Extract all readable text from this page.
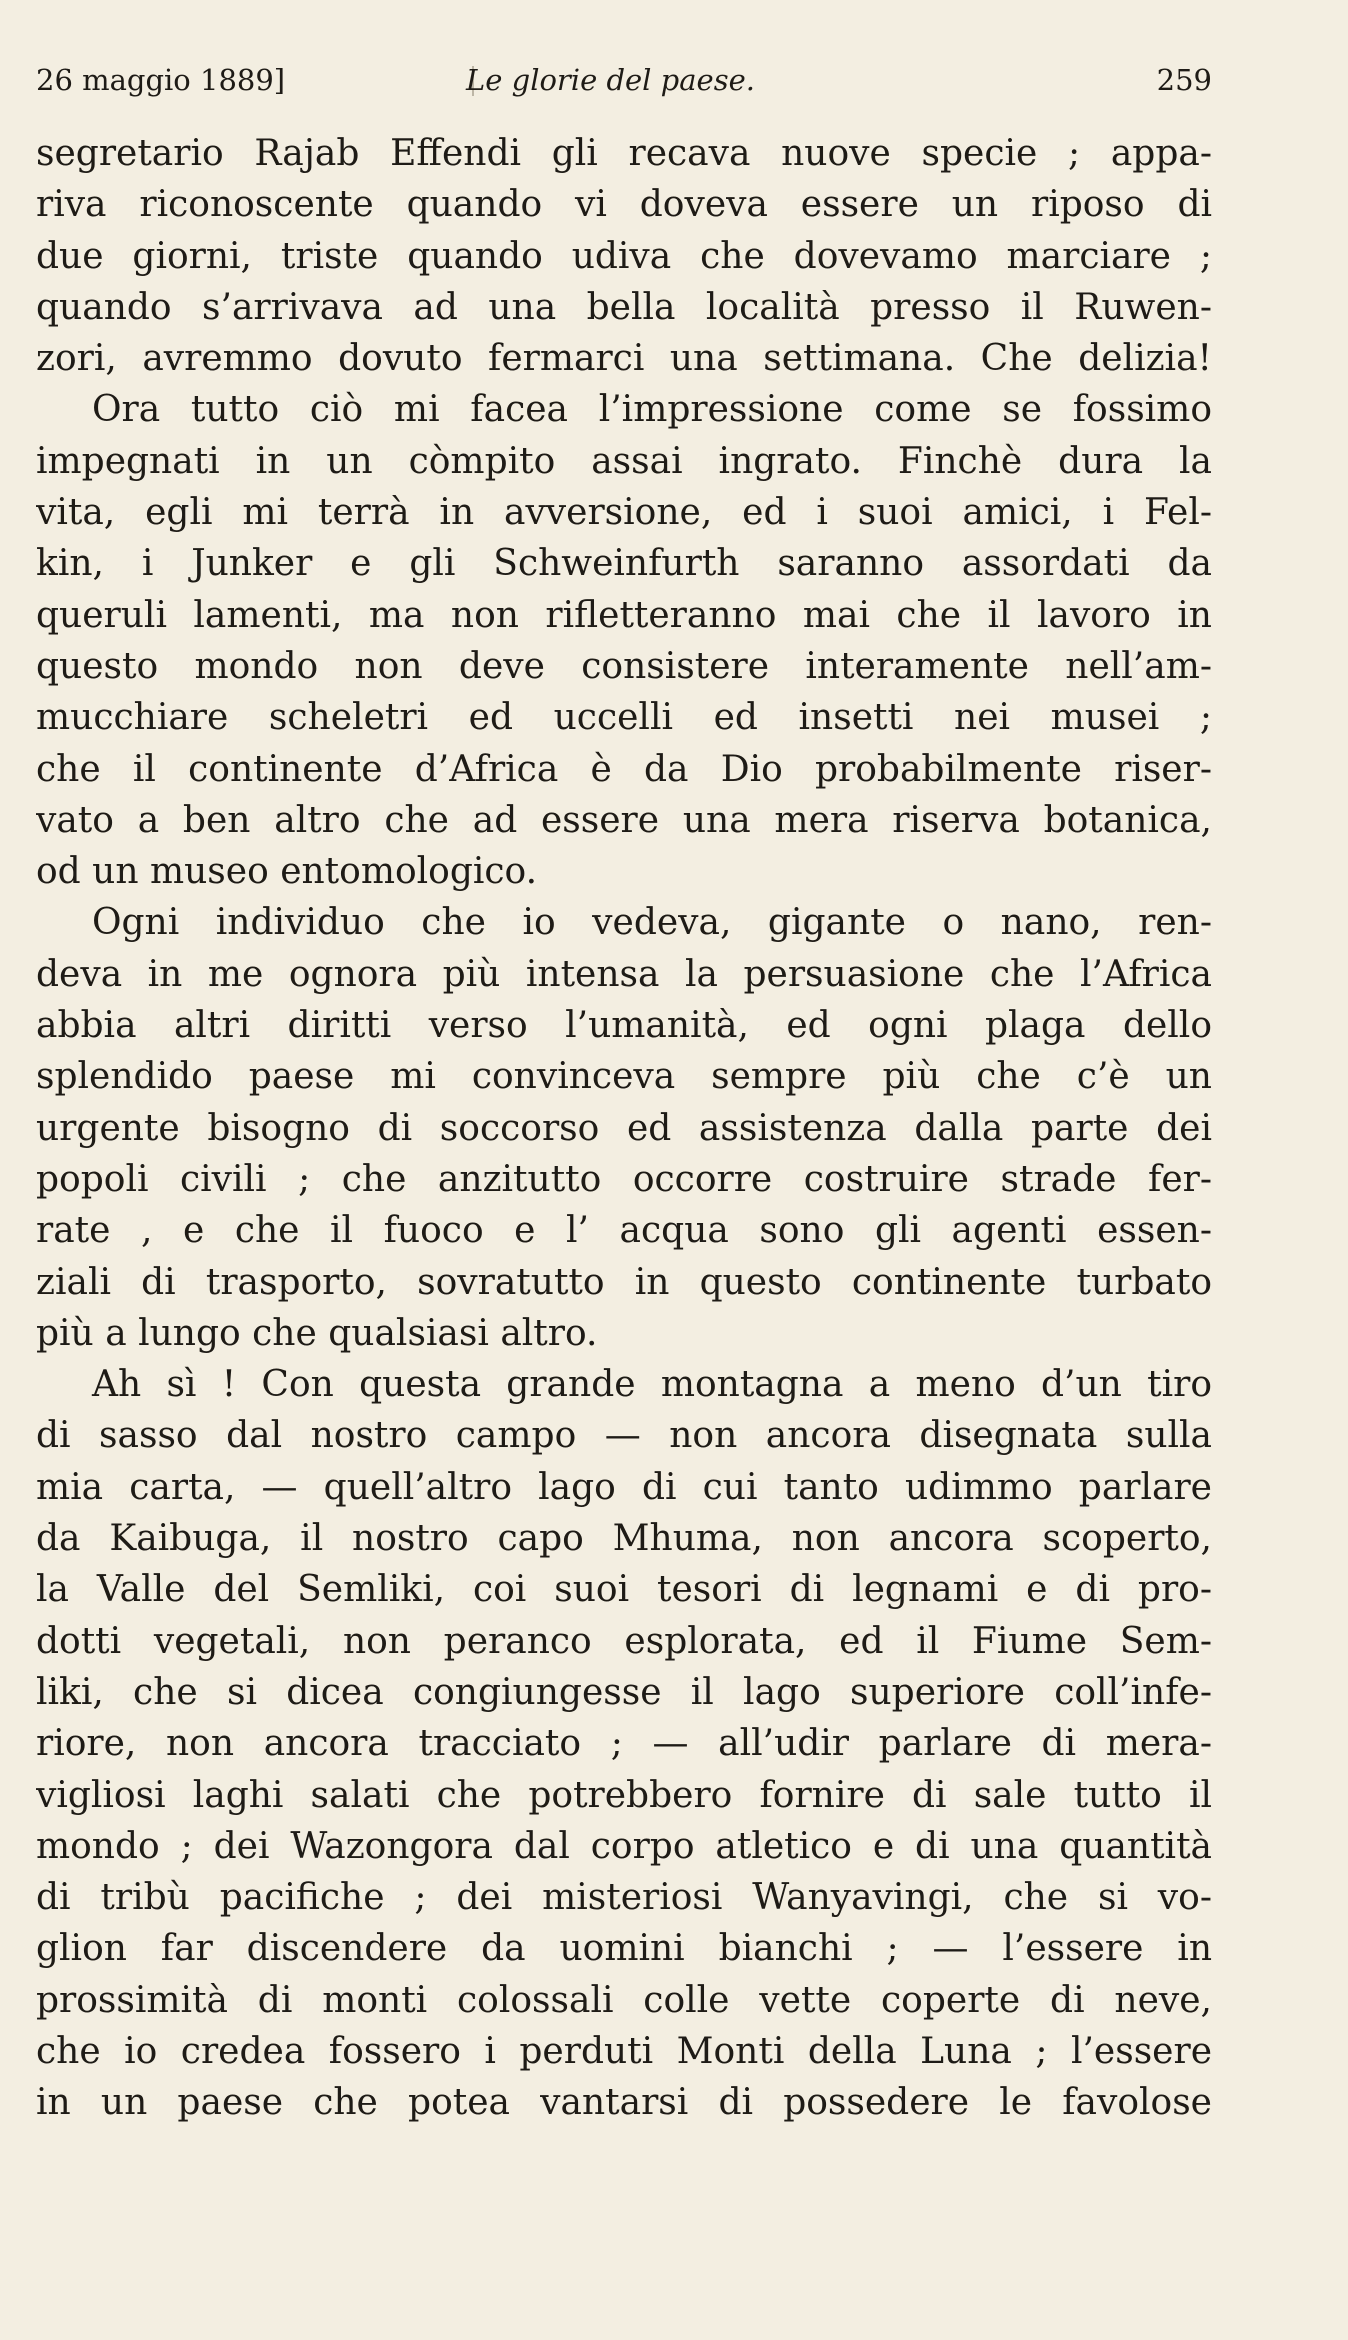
26 maggio 1889]	Le glorie del paese.	259
segretario Rajab Effendi gli recava nuove specie ; appa-
riva riconoscente quando vi doveva essere un riposo di
due giorni, triste quando udiva che dovevamo marciare ;
quando s’arrivava ad una bella località presso il Ruwen-
zori, avremmo dovuto fermarci una settimana. Che delizia!
Ora tutto ciò mi facea l’impressione come se fossimo
impegnati in un còmpito assai ingrato. Finchè dura la
vita, egli mi terrà in avversione, ed i suoi amici, i Fel-
kin, i Junker e gli Schweinfurth saranno assordati da
queruli lamenti, ma non rifletteranno mai che il lavoro in
questo mondo non deve consistere interamente nell’am-
mucchiare scheletri ed uccelli ed insetti nei musei ;
che il continente d’Africa è da Dio probabilmente riser-
vato a ben altro che ad essere una mera riserva botanica,
od un museo entomologico.
Ogni individuo che io vedeva, gigante o nano, ren-
deva in me ognora più intensa la persuasione che l’Africa
abbia altri diritti verso l’umanità, ed ogni plaga dello
splendido paese mi convinceva sempre più che c’è un
urgente bisogno di soccorso ed assistenza dalla parte dei
popoli civili ; che anzitutto occorre costruire strade fer-
rate , e che il fuoco e l’ acqua sono gli agenti essen-
ziali di trasporto, sovratutto in questo continente turbato
più a lungo che qualsiasi altro.
Ah sì ! Con questa grande montagna a meno d’un tiro
di sasso dal nostro campo — non ancora disegnata sulla
mia carta, — quell’altro lago di cui tanto udimmo parlare
da Kaibuga, il nostro capo Mhuma, non ancora scoperto,
la Valle del Semliki, coi suoi tesori di legnami e di pro-
dotti vegetali, non peranco esplorata, ed il Fiume Sem-
liki, che si dicea congiungesse il lago superiore coll’infe-
riore, non ancora tracciato ; — all’udir parlare di mera-
vigliosi laghi salati che potrebbero fornire di sale tutto il
mondo ; dei Wazongora dal corpo atletico e di una quantità
di tribù pacifiche ; dei misteriosi Wanyavingi, che si vo-
glion far discendere da uomini bianchi ; — l’essere in
prossimità di monti colossali colle vette coperte di neve,
che io credea fossero i perduti Monti della Luna ; l’essere
in un paese che potea vantarsi di possedere le favolose
